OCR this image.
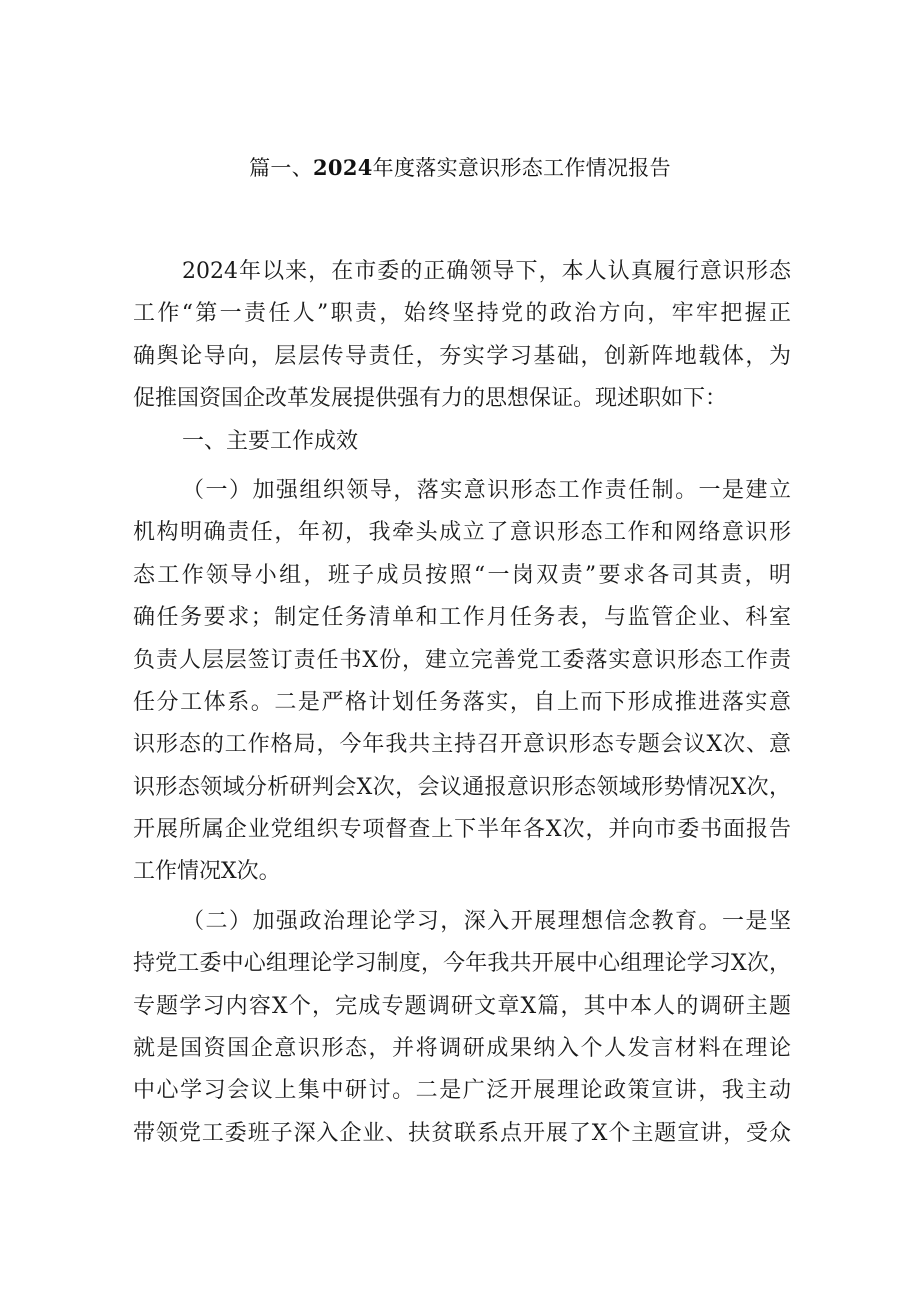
篇一、2024年度落实意识形态工作情况报告
2024年以来，在市委的正确领导下，本人认真履行意识形态
工作“第一责任人”职责，始终坚持党的政治方向，牢牢把握正
确舆论导向，层层传导责任，夯实学习基础，创新阵地载体，为
促推国资国企改革发展提供强有力的思想保证。现述职如下：
一、主要工作成效
（一）加强组织领导，落实意识形态工作责任制。一是建立
机构明确责任，年初，我牵头成立了意识形态工作和网络意识形
态工作领导小组，班子成员按照“一岗双责”要求各司其责，明
确任务要求；制定任务清单和工作月任务表，与监管企业、科室
负责人层层签订责任书X份，建立完善党工委落实意识形态工作责
任分工体系。二是严格计划任务落实，自上而下形成推进落实意
识形态的工作格局，今年我共主持召开意识形态专题会议X次、意
识形态领域分析研判会X次，会议通报意识形态领域形势情况X次，
开展所属企业党组织专项督查上下半年各X次，并向市委书面报告
工作情况X次。
（二）加强政治理论学习，深入开展理想信念教育。一是坚
持党工委中心组理论学习制度，今年我共开展中心组理论学习X次，
专题学习内容X个，完成专题调研文章X篇，其中本人的调研主题
就是国资国企意识形态，并将调研成果纳入个人发言材料在理论
中心学习会议上集中研讨。二是广泛开展理论政策宣讲，我主动
带领党工委班子深入企业、扶贫联系点开展了X个主题宣讲，受众
